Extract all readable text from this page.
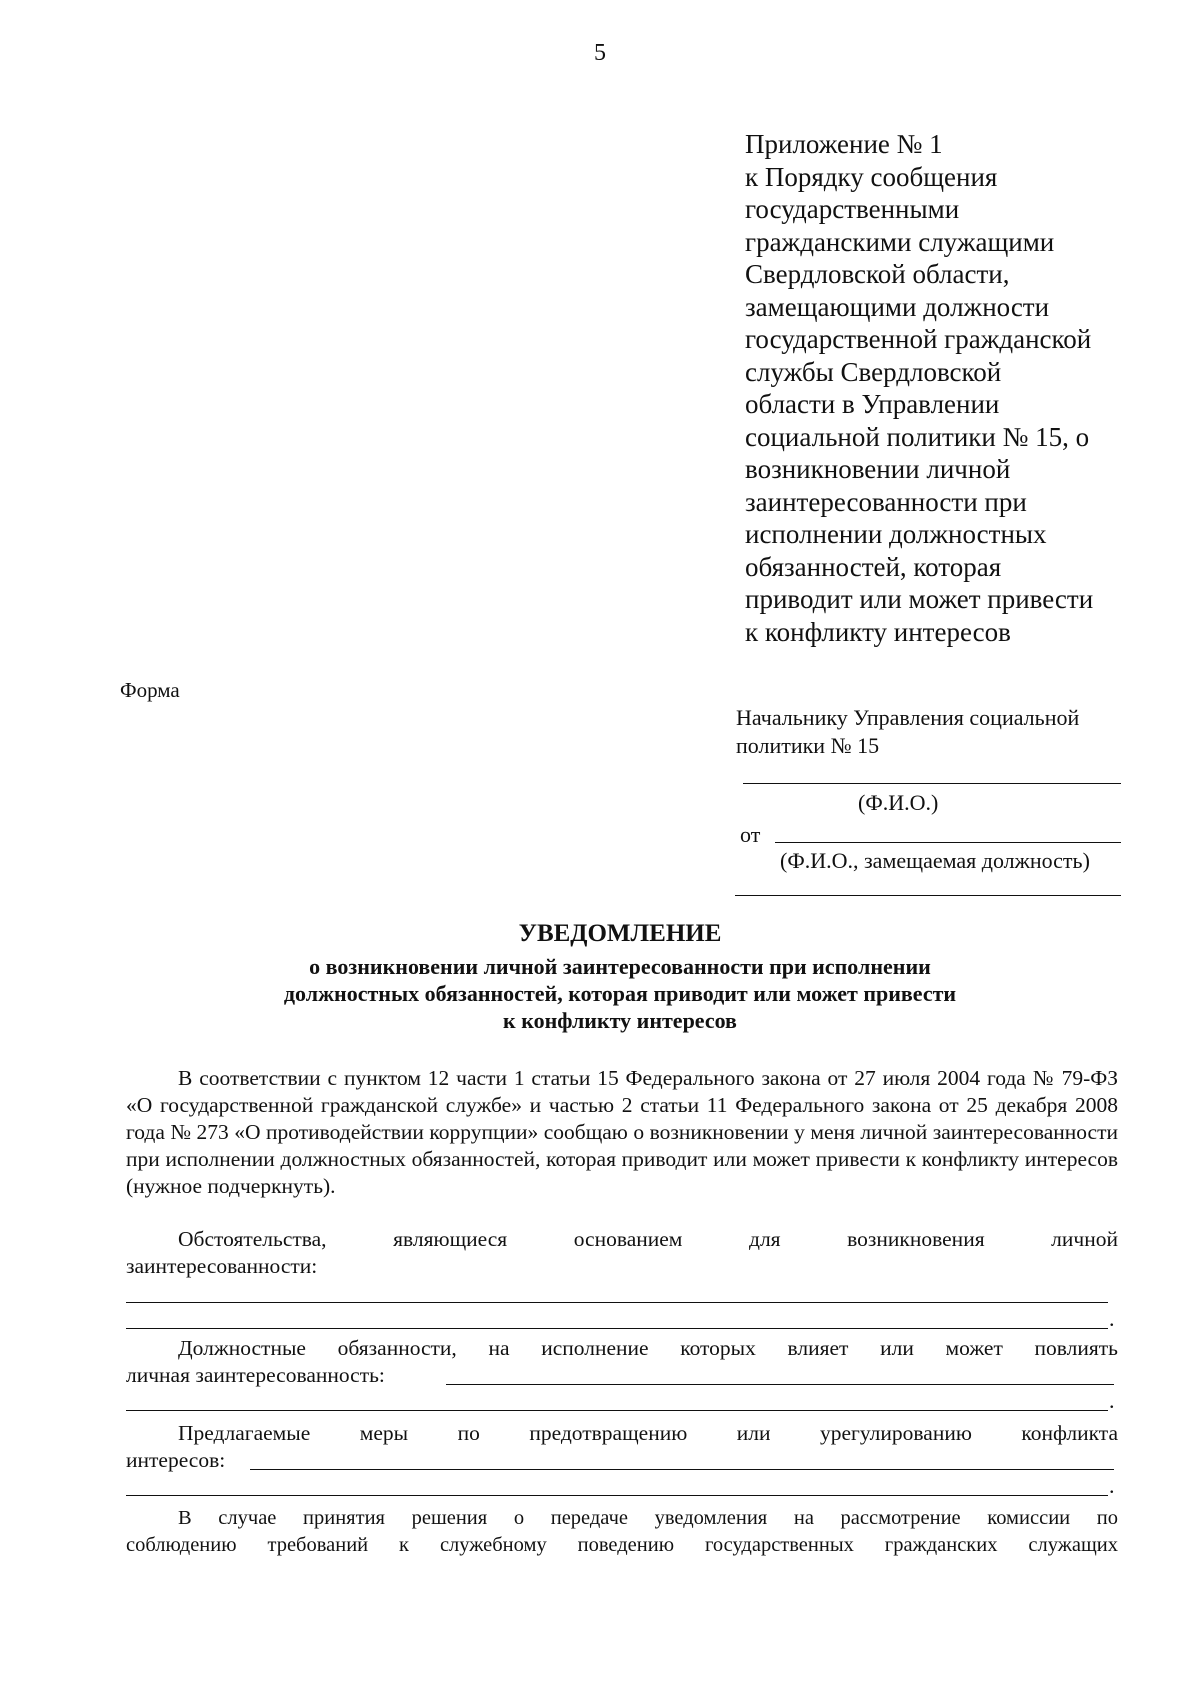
5
Приложение № 1
к Порядку сообщения
государственными
гражданскими служащими
Свердловской области,
замещающими должности
государственной гражданской
службы Свердловской
области в Управлении
социальной политики № 15, о
возникновении личной
заинтересованности при
исполнении должностных
обязанностей, которая
приводит или может привести
к конфликту интересов
Форма
Начальнику Управления социальной
политики № 15
(Ф.И.О.)
от
(Ф.И.О., замещаемая должность)
УВЕДОМЛЕНИЕ
о возникновении личной заинтересованности при исполнении
должностных обязанностей, которая приводит или может привести
к конфликту интересов
В соответствии с пунктом 12 части 1 статьи 15 Федерального закона от 27 июля 2004 года № 79-ФЗ «О государственной гражданской службе» и частью 2 статьи 11 Федерального закона от 25 декабря 2008 года № 273 «О противодействии коррупции» сообщаю о возникновении у меня личной заинтересованности при исполнении должностных обязанностей, которая приводит или может привести к конфликту интересов (нужное подчеркнуть).
Обстоятельства, являющиеся основанием для возникновения личной
заинтересованности:
.
Должностные обязанности, на исполнение которых влияет или может повлиять
личная заинтересованность:
.
Предлагаемые меры по предотвращению или урегулированию конфликта
интересов:
.
В случае принятия решения о передаче уведомления на рассмотрение комиссии по
соблюдению требований к служебному поведению государственных гражданских служащих
